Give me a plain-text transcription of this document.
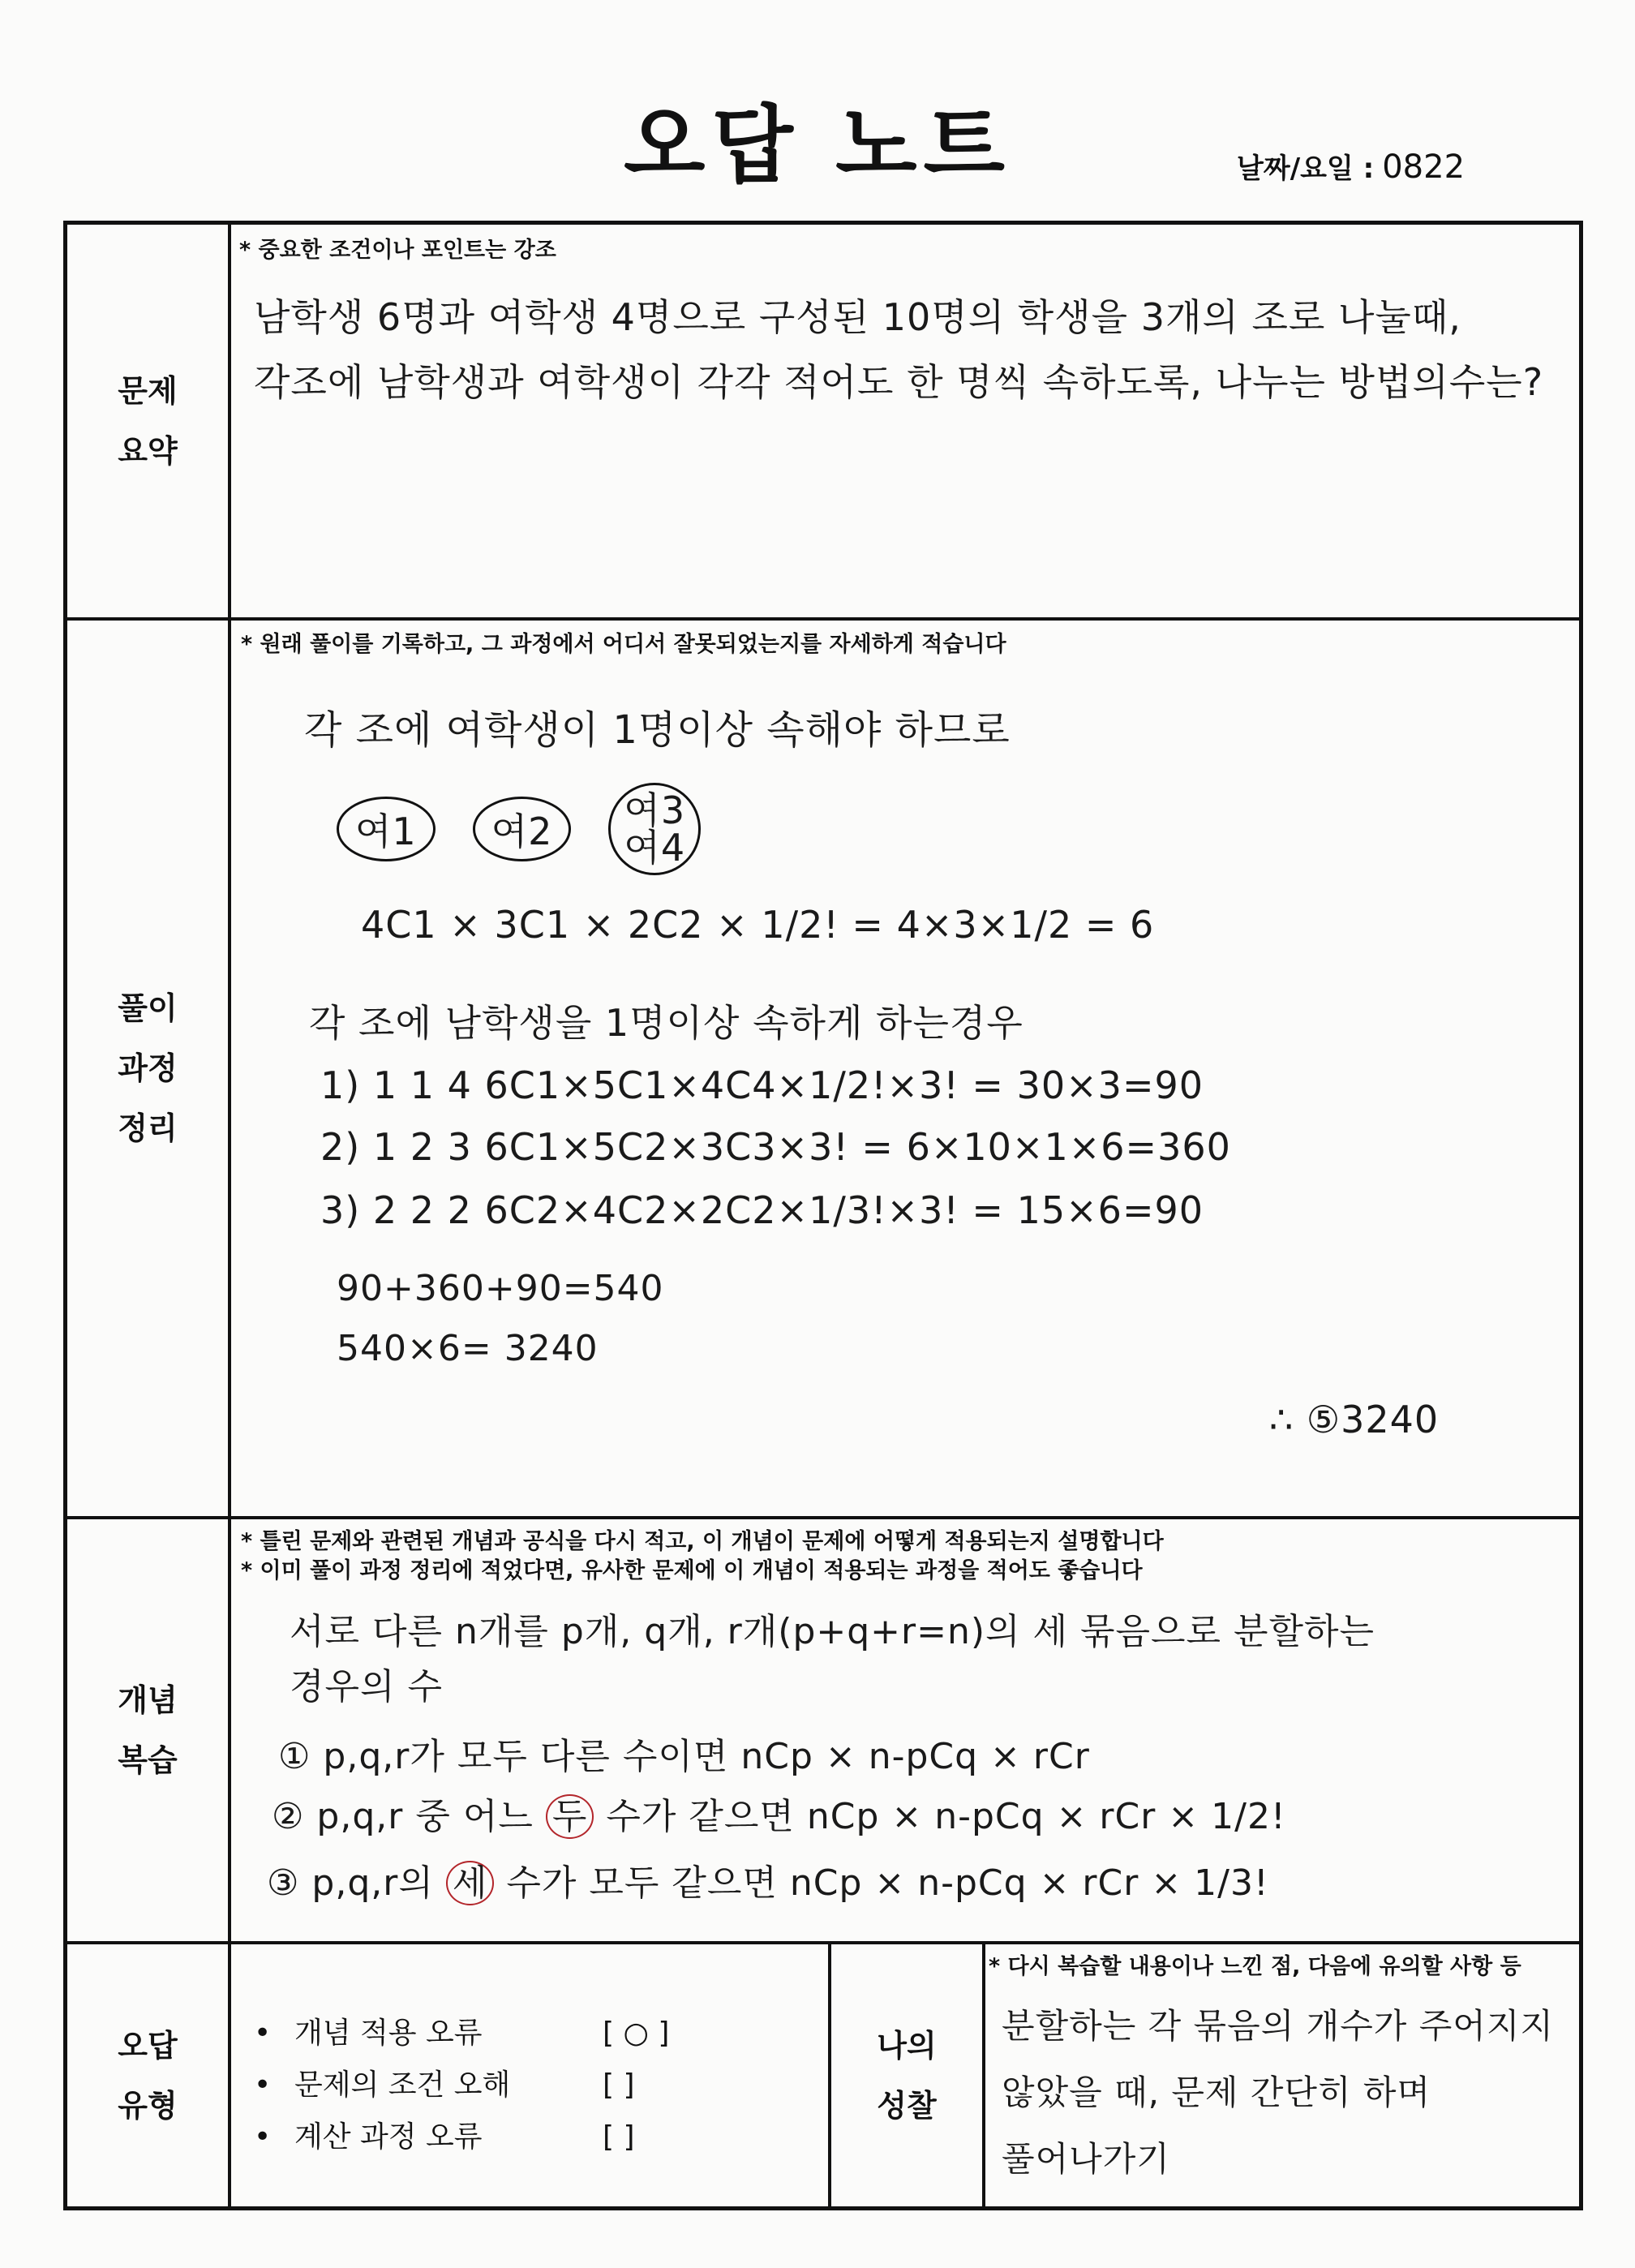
오답 노트	날짜/요일 : 0822
문제
요약
* 중요한 조건이나 포인트는 강조
남학생 6명과 여학생 4명으로 구성된 10명의 학생을 3개의 조로 나눌때,
각조에 남학생과 여학생이 각각 적어도 한 명씩 속하도록, 나누는 방법의수는?
풀이
과정
정리
* 원래 풀이를 기록하고, 그 과정에서 어디서 잘못되었는지를 자세하게 적습니다
각 조에 여학생이 1명이상 속해야 하므로
여1	여2	여3
여4
4C1 × 3C1 × 2C2 × 1/2! = 4×3×1/2 = 6
각 조에 남학생을 1명이상 속하게 하는경우
1) 1 1 4 6C1×5C1×4C4×1/2!×3! = 30×3=90
2) 1 2 3 6C1×5C2×3C3×3! = 6×10×1×6=360
3) 2 2 2 6C2×4C2×2C2×1/3!×3! = 15×6=90
90+360+90=540
540×6= 3240
∴ ⑤3240
개념
복습
* 틀린 문제와 관련된 개념과 공식을 다시 적고, 이 개념이 문제에 어떻게 적용되는지 설명합니다
* 이미 풀이 과정 정리에 적었다면, 유사한 문제에 이 개념이 적용되는 과정을 적어도 좋습니다
서로 다른 n개를 p개, q개, r개(p+q+r=n)의 세 묶음으로 분할하는
경우의 수
① p,q,r가 모두 다른 수이면 nCp × n-pCq × rCr
② p,q,r 중 어느 두 수가 같으면 nCp × n-pCq × rCr × 1/2!
③ p,q,r의 세 수가 모두 같으면 nCp × n-pCq × rCr × 1/3!
오답
유형
• 개념 적용 오류	[ ○ ]
• 문제의 조건 오해	[ ]
• 계산 과정 오류	[ ]
나의
성찰
* 다시 복습할 내용이나 느낀 점, 다음에 유의할 사항 등
분할하는 각 묶음의 개수가 주어지지
않았을 때, 문제 간단히 하며
풀어나가기
